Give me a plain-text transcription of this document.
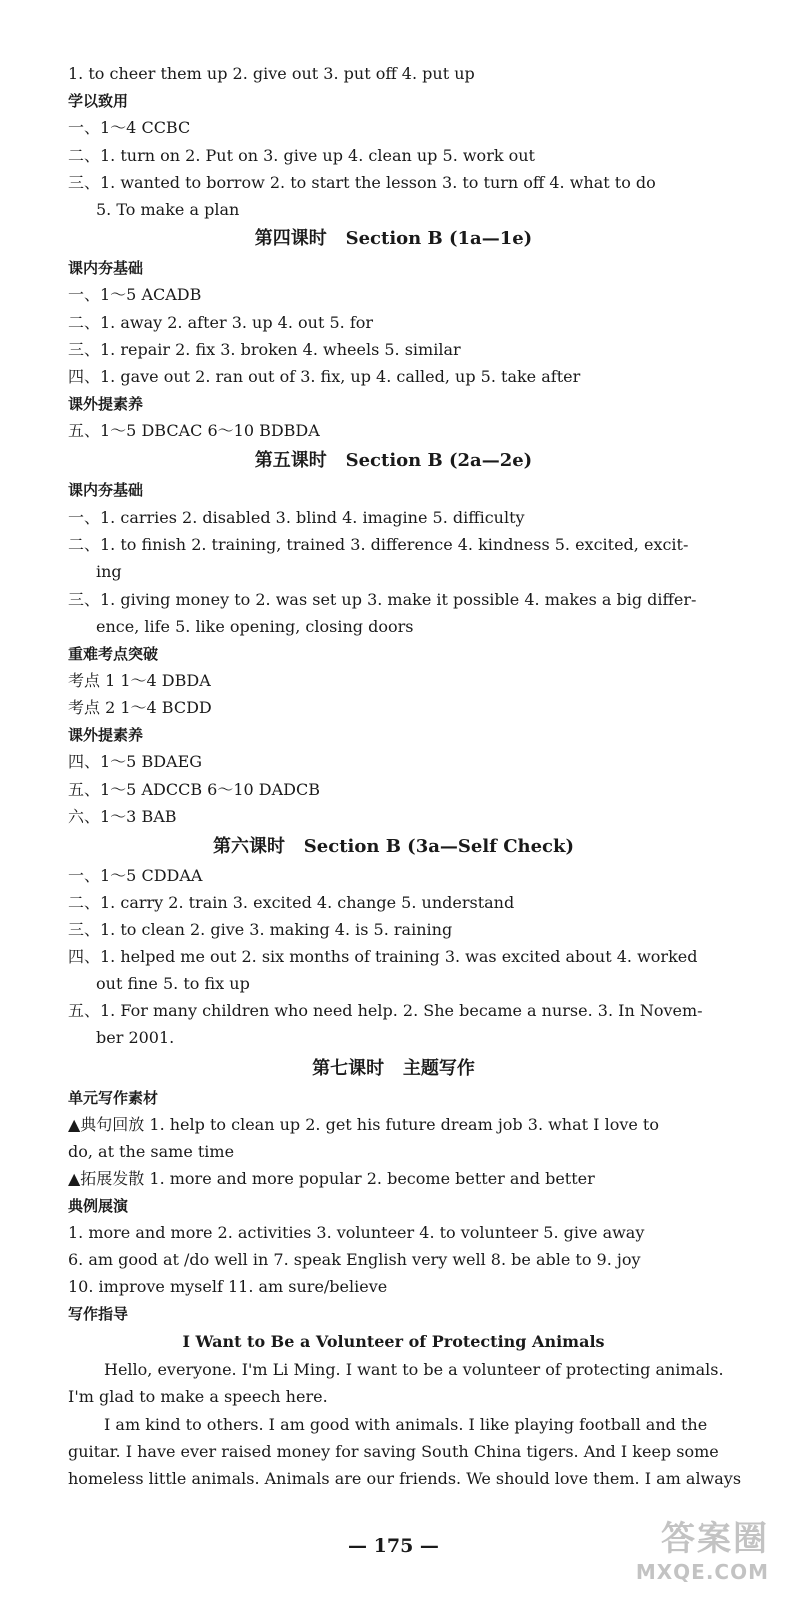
1. to cheer them up 2. give out 3. put off 4. put up
学以致用
一、1～4 CCBC
二、1. turn on 2. Put on 3. give up 4. clean up 5. work out
三、1. wanted to borrow 2. to start the lesson 3. to turn off 4. what to do
5. To make a plan
第四课时 Section B (1a—1e)
课内夯基础
一、1～5 ACADB
二、1. away 2. after 3. up 4. out 5. for
三、1. repair 2. fix 3. broken 4. wheels 5. similar
四、1. gave out 2. ran out of 3. fix, up 4. called, up 5. take after
课外提素养
五、1～5 DBCAC 6～10 BDBDA
第五课时 Section B (2a—2e)
课内夯基础
一、1. carries 2. disabled 3. blind 4. imagine 5. difficulty
二、1. to finish 2. training, trained 3. difference 4. kindness 5. excited, excit-
ing
三、1. giving money to 2. was set up 3. make it possible 4. makes a big differ-
ence, life 5. like opening, closing doors
重难考点突破
考点 1 1～4 DBDA
考点 2 1～4 BCDD
课外提素养
四、1～5 BDAEG
五、1～5 ADCCB 6～10 DADCB
六、1～3 BAB
第六课时 Section B (3a—Self Check)
一、1～5 CDDAA
二、1. carry 2. train 3. excited 4. change 5. understand
三、1. to clean 2. give 3. making 4. is 5. raining
四、1. helped me out 2. six months of training 3. was excited about 4. worked
out fine 5. to fix up
五、1. For many children who need help. 2. She became a nurse. 3. In Novem-
ber 2001.
第七课时 主题写作
单元写作素材
▲典句回放 1. help to clean up 2. get his future dream job 3. what I love to
do, at the same time
▲拓展发散 1. more and more popular 2. become better and better
典例展演
1. more and more 2. activities 3. volunteer 4. to volunteer 5. give away
6. am good at /do well in 7. speak English very well 8. be able to 9. joy
10. improve myself 11. am sure/believe
写作指导
I Want to Be a Volunteer of Protecting Animals
Hello, everyone. I'm Li Ming. I want to be a volunteer of protecting animals.
I'm glad to make a speech here.
I am kind to others. I am good with animals. I like playing football and the
guitar. I have ever raised money for saving South China tigers. And I keep some
homeless little animals. Animals are our friends. We should love them. I am always
— 175 —	答案圈
MXQE.COM
